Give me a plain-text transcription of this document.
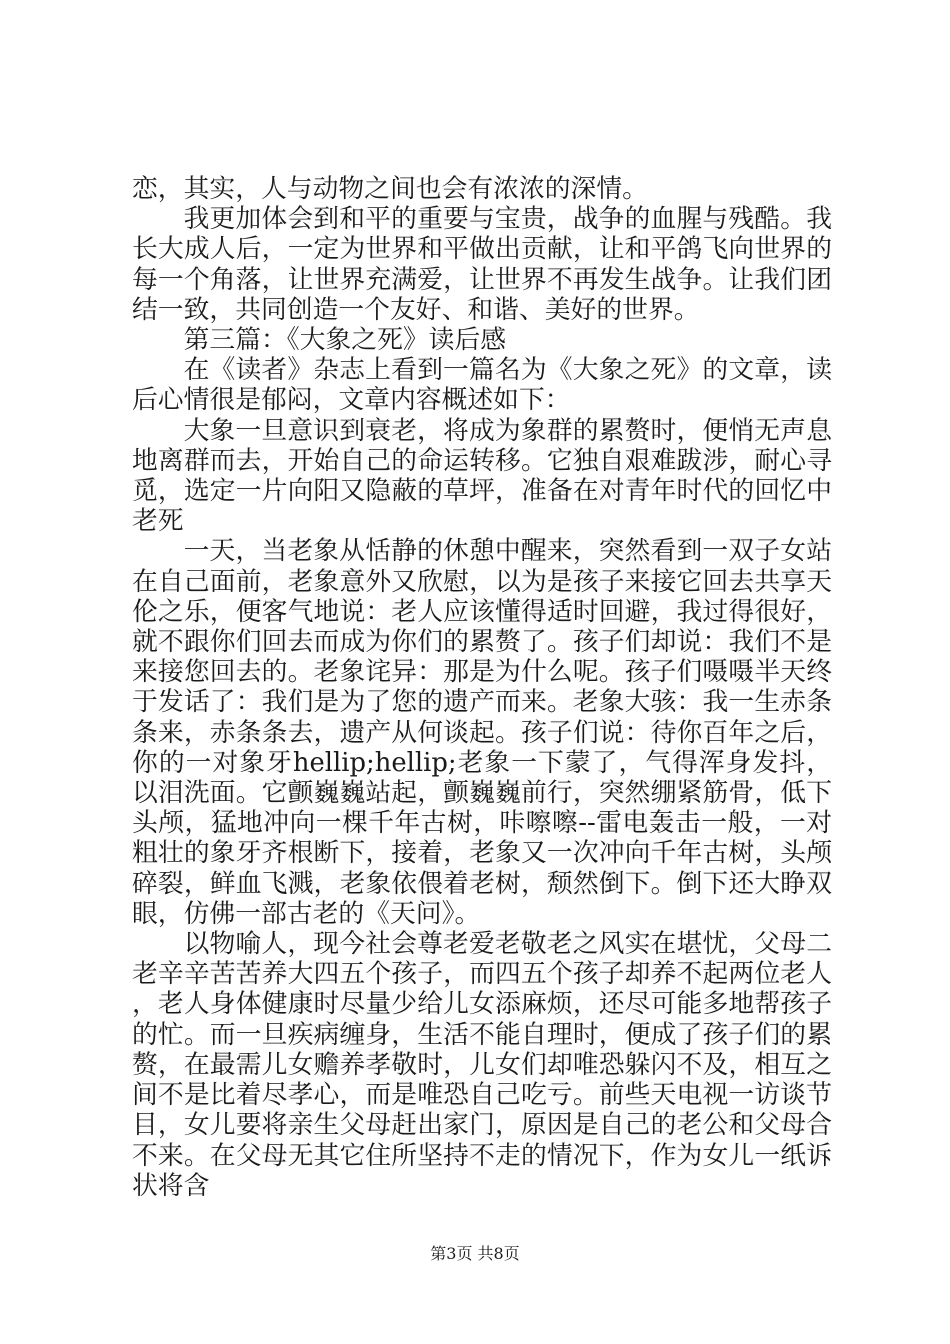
恋，其实，人与动物之间也会有浓浓的深情。

我更加体会到和平的重要与宝贵，战争的血腥与残酷。我长大成人后，一定为世界和平做出贡献，让和平鸽飞向世界的每一个角落，让世界充满爱，让世界不再发生战争。让我们团结一致，共同创造一个友好、和谐、美好的世界。

第三篇：《大象之死》读后感

在《读者》杂志上看到一篇名为《大象之死》的文章，读后心情很是郁闷，文章内容概述如下：

大象一旦意识到衰老，将成为象群的累赘时，便悄无声息地离群而去，开始自己的命运转移。它独自艰难跋涉，耐心寻觅，选定一片向阳又隐蔽的草坪，准备在对青年时代的回忆中老死

一天，当老象从恬静的休憩中醒来，突然看到一双子女站在自己面前，老象意外又欣慰，以为是孩子来接它回去共享天伦之乐，便客气地说：老人应该懂得适时回避，我过得很好，就不跟你们回去而成为你们的累赘了。孩子们却说：我们不是来接您回去的。老象诧异：那是为什么呢。孩子们嗫嗫半天终于发话了：我们是为了您的遗产而来。老象大骇：我一生赤条条来，赤条条去，遗产从何谈起。孩子们说：待你百年之后，你的一对象牙hellip;hellip;老象一下蒙了，气得浑身发抖，以泪洗面。它颤巍巍站起，颤巍巍前行，突然绷紧筋骨，低下头颅，猛地冲向一棵千年古树，咔嚓嚓--雷电轰击一般，一对粗壮的象牙齐根断下，接着，老象又一次冲向千年古树，头颅碎裂，鲜血飞溅，老象依偎着老树，颓然倒下。倒下还大睁双眼，仿佛一部古老的《天问》。

以物喻人，现今社会尊老爱老敬老之风实在堪忧，父母二老辛辛苦苦养大四五个孩子，而四五个孩子却养不起两位老人，老人身体健康时尽量少给儿女添麻烦，还尽可能多地帮孩子的忙。而一旦疾病缠身，生活不能自理时，便成了孩子们的累赘，在最需儿女赡养孝敬时，儿女们却唯恐躲闪不及，相互之间不是比着尽孝心，而是唯恐自己吃亏。前些天电视一访谈节目，女儿要将亲生父母赶出家门，原因是自己的老公和父母合不来。在父母无其它住所坚持不走的情况下，作为女儿一纸诉状将含

第3页 共8页
